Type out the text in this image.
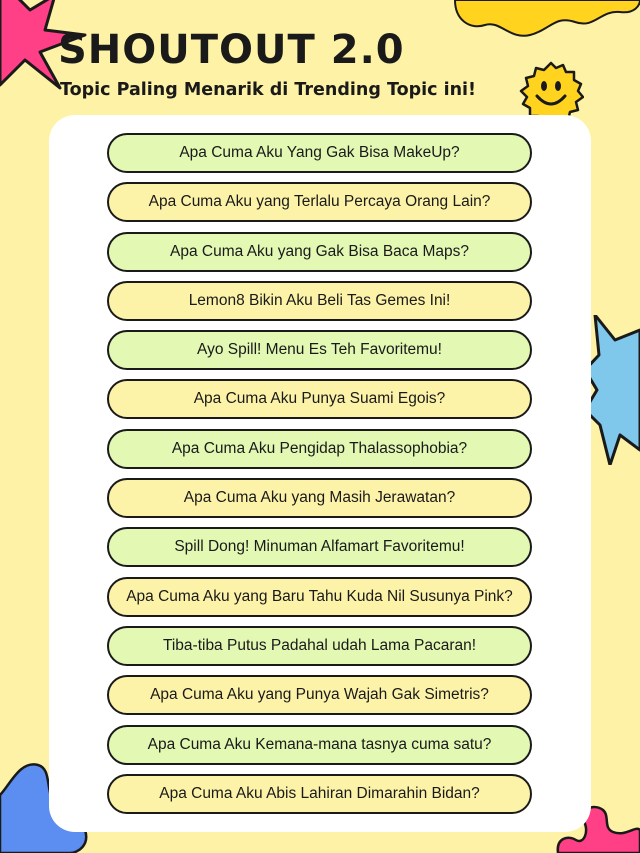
SHOUTOUT 2.0
Topic Paling Menarik di Trending Topic ini!
Apa Cuma Aku Yang Gak Bisa MakeUp?
Apa Cuma Aku yang Terlalu Percaya Orang Lain?
Apa Cuma Aku yang Gak Bisa Baca Maps?
Lemon8 Bikin Aku Beli Tas Gemes Ini!
Ayo Spill! Menu Es Teh Favoritemu!
Apa Cuma Aku Punya Suami Egois?
Apa Cuma Aku Pengidap Thalassophobia?
Apa Cuma Aku yang Masih Jerawatan?
Spill Dong! Minuman Alfamart Favoritemu!
Apa Cuma Aku yang Baru Tahu Kuda Nil Susunya Pink?
Tiba-tiba Putus Padahal udah Lama Pacaran!
Apa Cuma Aku yang Punya Wajah Gak Simetris?
Apa Cuma Aku Kemana-mana tasnya cuma satu?
Apa Cuma Aku Abis Lahiran Dimarahin Bidan?
